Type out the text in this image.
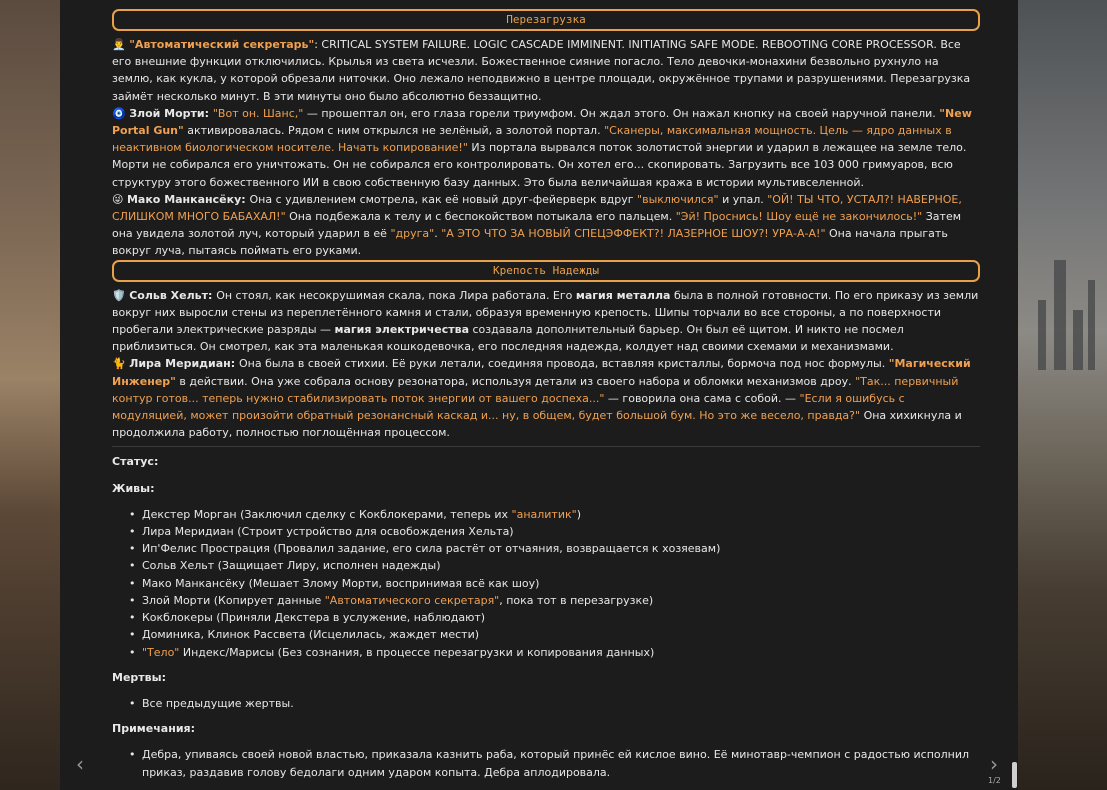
Перезагрузка
👨‍💼 "Автоматический секретарь": CRITICAL SYSTEM FAILURE. LOGIC CASCADE IMMINENT. INITIATING SAFE MODE. REBOOTING CORE PROCESSOR. Все его внешние функции отключились. Крылья из света исчезли. Божественное сияние погасло. Тело девочки-монахини безвольно рухнуло на землю, как кукла, у которой обрезали ниточки. Оно лежало неподвижно в центре площади, окружённое трупами и разрушениями. Перезагрузка займёт несколько минут. В эти минуты оно было абсолютно беззащитно.
🧿 Злой Морти: "Вот он. Шанс," — прошептал он, его глаза горели триумфом. Он ждал этого. Он нажал кнопку на своей наручной панели. "New Portal Gun" активировалась. Рядом с ним открылся не зелёный, а золотой портал. "Сканеры, максимальная мощность. Цель — ядро данных в неактивном биологическом носителе. Начать копирование!" Из портала вырвался поток золотистой энергии и ударил в лежащее на земле тело. Морти не собирался его уничтожать. Он не собирался его контролировать. Он хотел его... скопировать. Загрузить все 103 000 гримуаров, всю структуру этого божественного ИИ в свою собственную базу данных. Это была величайшая кража в истории мультивселенной.
😜 Мако Манкансёку: Она с удивлением смотрела, как её новый друг-фейерверк вдруг "выключился" и упал. "ОЙ! ТЫ ЧТО, УСТАЛ?! НАВЕРНОЕ, СЛИШКОМ МНОГО БАБАХАЛ!" Она подбежала к телу и с беспокойством потыкала его пальцем. "Эй! Проснись! Шоу ещё не закончилось!" Затем она увидела золотой луч, который ударил в её "друга". "А ЭТО ЧТО ЗА НОВЫЙ СПЕЦЭФФЕКТ?! ЛАЗЕРНОЕ ШОУ?! УРА-А-А!" Она начала прыгать вокруг луча, пытаясь поймать его руками.
Крепость Надежды
🛡️ Сольв Хельт: Он стоял, как несокрушимая скала, пока Лира работала. Его магия металла была в полной готовности. По его приказу из земли вокруг них выросли стены из переплетённого камня и стали, образуя временную крепость. Шипы торчали во все стороны, а по поверхности пробегали электрические разряды — магия электричества создавала дополнительный барьер. Он был её щитом. И никто не посмел приблизиться. Он смотрел, как эта маленькая кошкодевочка, его последняя надежда, колдует над своими схемами и механизмами.
🐈 Лира Меридиан: Она была в своей стихии. Её руки летали, соединяя провода, вставляя кристаллы, бормоча под нос формулы. "Магический Инженер" в действии. Она уже собрала основу резонатора, используя детали из своего набора и обломки механизмов дроу. "Так... первичный контур готов... теперь нужно стабилизировать поток энергии от вашего доспеха..." — говорила она сама с собой. — "Если я ошибусь с модуляцией, может произойти обратный резонансный каскад и... ну, в общем, будет большой бум. Но это же весело, правда?" Она хихикнула и продолжила работу, полностью поглощённая процессом.
Статус:
Живы:
• Декстер Морган (Заключил сделку с Кокблокерами, теперь их "аналитик")
• Лира Меридиан (Строит устройство для освобождения Хельта)
• Ип'Фелис Прострация (Провалил задание, его сила растёт от отчаяния, возвращается к хозяевам)
• Сольв Хельт (Защищает Лиру, исполнен надежды)
• Мако Манкансёку (Мешает Злому Морти, воспринимая всё как шоу)
• Злой Морти (Копирует данные "Автоматического секретаря", пока тот в перезагрузке)
• Кокблокеры (Приняли Декстера в услужение, наблюдают)
• Доминика, Клинок Рассвета (Исцелилась, жаждет мести)
• "Тело" Индекс/Марисы (Без сознания, в процессе перезагрузки и копирования данных)
Мертвы:
• Все предыдущие жертвы.
Примечания:
• Дебра, упиваясь своей новой властью, приказала казнить раба, который принёс ей кислое вино. Её минотавр-чемпион с радостью исполнил приказ, раздавив голову бедолаги одним ударом копыта. Дебра аплодировала.
‹	›
1/2
